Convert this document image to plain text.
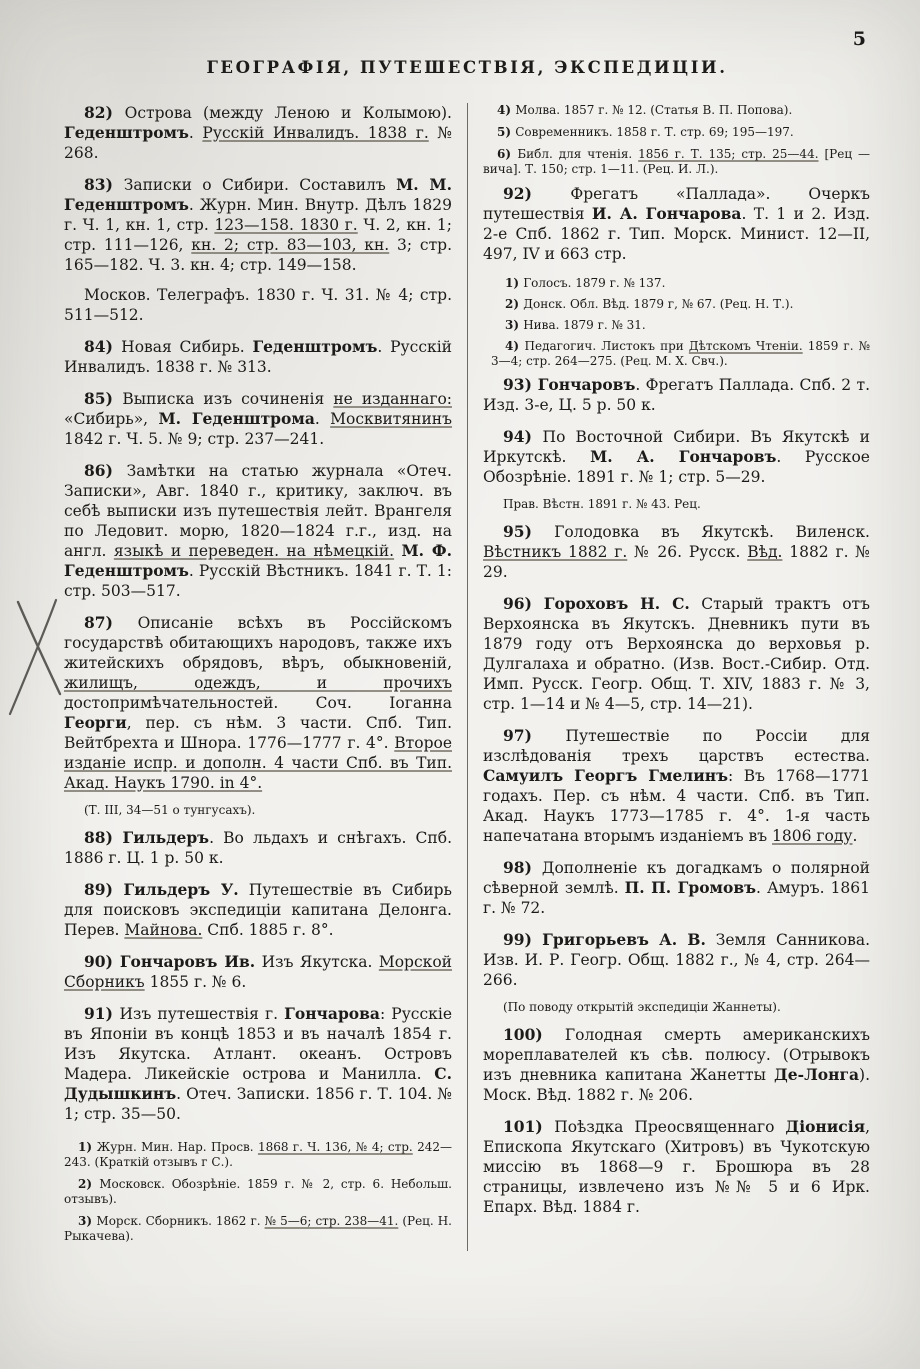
5
ГЕОГРАФІЯ, ПУТЕШЕСТВІЯ, ЭКСПЕДИЦІИ.

82) Острова (между Леною и Колымою). Геденштромъ. Русскій Инвалидъ. 1838 г. № 268.

83) Записки о Сибири. Составилъ М. М. Геденштромъ. Журн. Мин. Внутр. Дѣлъ 1829 г. Ч. 1, кн. 1, стр. 123—158. 1830 г. Ч. 2, кн. 1; стр. 111—126, кн. 2; стр. 83—103, кн. 3; стр. 165—182. Ч. 3. кн. 4; стр. 149—158.

Москов. Телеграфъ. 1830 г. Ч. 31. № 4; стр. 511—512.

84) Новая Сибирь. Геденштромъ. Русскій Инвалидъ. 1838 г. № 313.

85) Выписка изъ сочиненія не изданнаго: «Сибирь», М. Геденштрома. Москвитянинъ 1842 г. Ч. 5. № 9; стр. 237—241.

86) Замѣтки на статью журнала «Отеч. Записки», Авг. 1840 г., критику, заключ. въ себѣ выписки изъ путешествія лейт. Врангеля по Ледовит. морю, 1820—1824 г.г., изд. на англ. языкѣ и переведен. на нѣмецкій. М. Ф. Геденштромъ. Русскій Вѣстникъ. 1841 г. Т. 1: стр. 503—517.

87) Описаніе всѣхъ въ Россійскомъ государствѣ обитающихъ народовъ, также ихъ житейскихъ обрядовъ, вѣръ, обыкновеній, жилищъ, одеждъ, и прочихъ достопримѣчательностей. Соч. Іоганна Георги, пер. съ нѣм. 3 части. Спб. Тип. Вейтбрехта и Шнора. 1776—1777 г. 4°. Второе изданіе испр. и дополн. 4 части Спб. въ Тип. Акад. Наукъ 1790. in 4°.

(Т. III, 34—51 о тунгусахъ).

88) Гильдеръ. Во льдахъ и снѣгахъ. Спб. 1886 г. Ц. 1 р. 50 к.

89) Гильдеръ У. Путешествіе въ Сибирь для поисковъ экспедиціи капитана Делонга. Перев. Майнова. Спб. 1885 г. 8°.

90) Гончаровъ Ив. Изъ Якутска. Морской Сборникъ 1855 г. № 6.

91) Изъ путешествія г. Гончарова: Русскіе въ Японіи въ концѣ 1853 и въ началѣ 1854 г. Изъ Якутска. Атлант. океанъ. Островъ Мадера. Ликейскіе острова и Манилла. С. Дудышкинъ. Отеч. Записки. 1856 г. Т. 104. № 1; стр. 35—50.

1) Журн. Мин. Нар. Просв. 1868 г. Ч. 136, № 4; стр. 242—243. (Краткій отзывъ г С.).

2) Московск. Обозрѣніе. 1859 г. № 2, стр. 6. Небольш. отзывъ).

3) Морск. Сборникъ. 1862 г. № 5—6; стр. 238—41. (Рец. Н. Рыкачева).

4) Молва. 1857 г. № 12. (Статья В. П. Попова).

5) Современникъ. 1858 г. Т. стр. 69; 195—197.

6) Библ. для чтенія. 1856 г. Т. 135; стр. 25—44. [Рец —вича]. Т. 150; стр. 1—11. (Рец. И. Л.).

92) Фрегатъ «Паллада». Очеркъ путешествія И. А. Гончарова. Т. 1 и 2. Изд. 2-е Спб. 1862 г. Тип. Морск. Минист. 12—II, 497, IV и 663 стр.

1) Голосъ. 1879 г. № 137.

2) Донск. Обл. Вѣд. 1879 г, № 67. (Рец. Н. Т.).

3) Нива. 1879 г. № 31.

4) Педагогич. Листокъ при Дѣтскомъ Чтеніи. 1859 г. № 3—4; стр. 264—275. (Рец. М. Х. Свч.).

93) Гончаровъ. Фрегатъ Паллада. Спб. 2 т. Изд. 3-е, Ц. 5 р. 50 к.

94) По Восточной Сибири. Въ Якутскѣ и Иркутскѣ. М. А. Гончаровъ. Русское Обозрѣніе. 1891 г. № 1; стр. 5—29.

Прав. Вѣстн. 1891 г. № 43. Рец.

95) Голодовка въ Якутскѣ. Виленск. Вѣстникъ 1882 г. № 26. Русск. Вѣд. 1882 г. № 29.

96) Гороховъ Н. С. Старый трактъ отъ Верхоянска въ Якутскъ. Дневникъ пути въ 1879 году отъ Верхоянска до верховья р. Дулгалаха и обратно. (Изв. Вост.-Сибир. Отд. Имп. Русск. Геогр. Общ. Т. XIV, 1883 г. № 3, стр. 1—14 и № 4—5, стр. 14—21).

97) Путешествіе по Россіи для изслѣдованія трехъ царствъ естества. Самуилъ Георгъ Гмелинъ: Въ 1768—1771 годахъ. Пер. съ нѣм. 4 части. Спб. въ Тип. Акад. Наукъ 1773—1785 г. 4°. 1-я часть напечатана вторымъ изданіемъ въ 1806 году.

98) Дополненіе къ догадкамъ о полярной сѣверной землѣ. П. П. Громовъ. Амуръ. 1861 г. № 72.

99) Григорьевъ А. В. Земля Санникова. Изв. И. Р. Геогр. Общ. 1882 г., № 4, стр. 264—266.

(По поводу открытій экспедиціи Жаннеты).

100) Голодная смерть американскихъ мореплавателей къ сѣв. полюсу. (Отрывокъ изъ дневника капитана Жанетты Де-Лонга). Моск. Вѣд. 1882 г. № 206.

101) Поѣздка Преосвященнаго Діонисія, Епископа Якутскаго (Хитровъ) въ Чукотскую миссію въ 1868—9 г. Брошюра въ 28 страницы, извлечено изъ №№ 5 и 6 Ирк. Епарх. Вѣд. 1884 г.
